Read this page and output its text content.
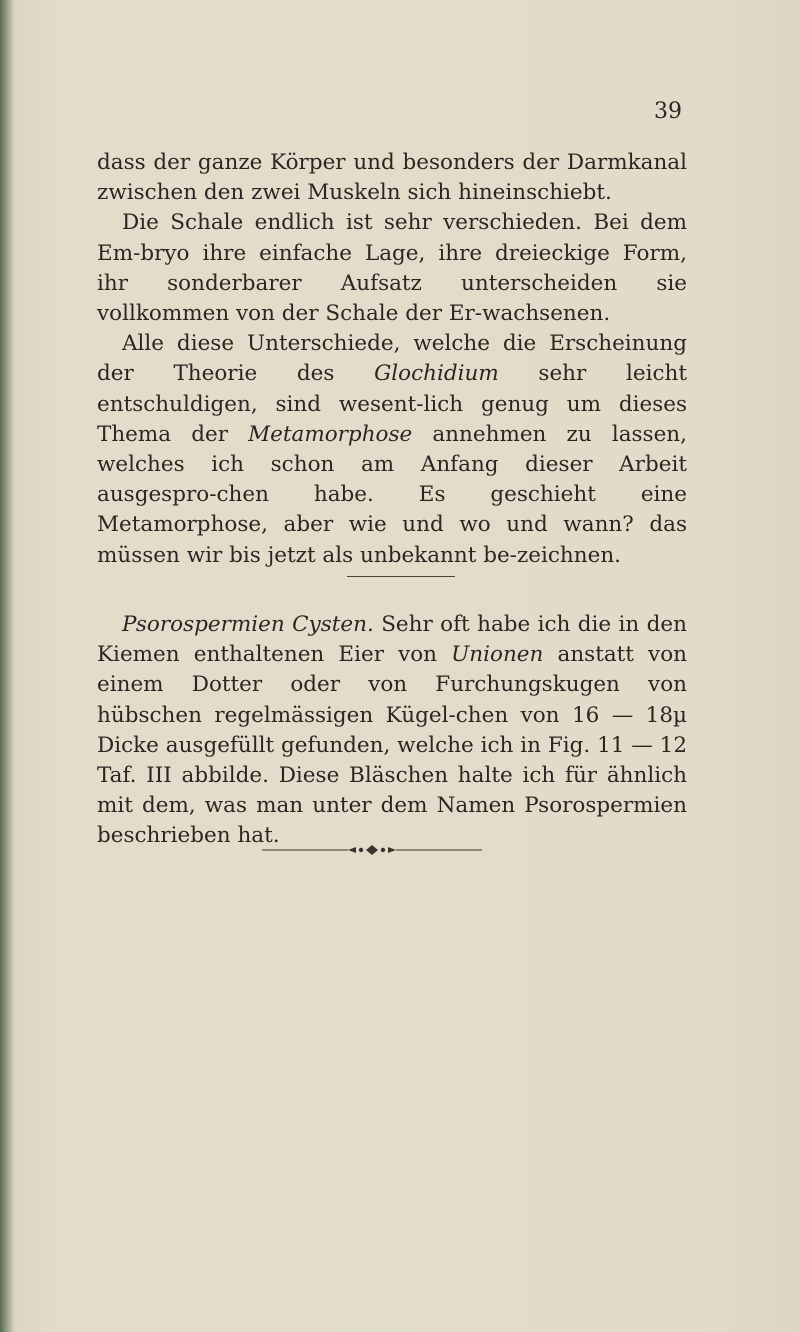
39

dass der ganze Körper und besonders der Darmkanal zwischen den zwei Muskeln sich hineinschiebt.

Die Schale endlich ist sehr verschieden. Bei dem Em-bryo ihre einfache Lage, ihre dreieckige Form, ihr sonderbarer Aufsatz unterscheiden sie vollkommen von der Schale der Er-wachsenen.

Alle diese Unterschiede, welche die Erscheinung der Theorie des Glochidium sehr leicht entschuldigen, sind wesent-lich genug um dieses Thema der Metamorphose annehmen zu lassen, welches ich schon am Anfang dieser Arbeit ausgespro-chen habe. Es geschieht eine Metamorphose, aber wie und wo und wann? das müssen wir bis jetzt als unbekannt be-zeichnen.

Psorospermien Cysten. Sehr oft habe ich die in den Kiemen enthaltenen Eier von Unionen anstatt von einem Dotter oder von Furchungskugen von hübschen regelmässigen Kügel-chen von 16 — 18µ Dicke ausgefüllt gefunden, welche ich in Fig. 11 — 12 Taf. III abbilde. Diese Bläschen halte ich für ähnlich mit dem, was man unter dem Namen Psorospermien beschrieben hat.
